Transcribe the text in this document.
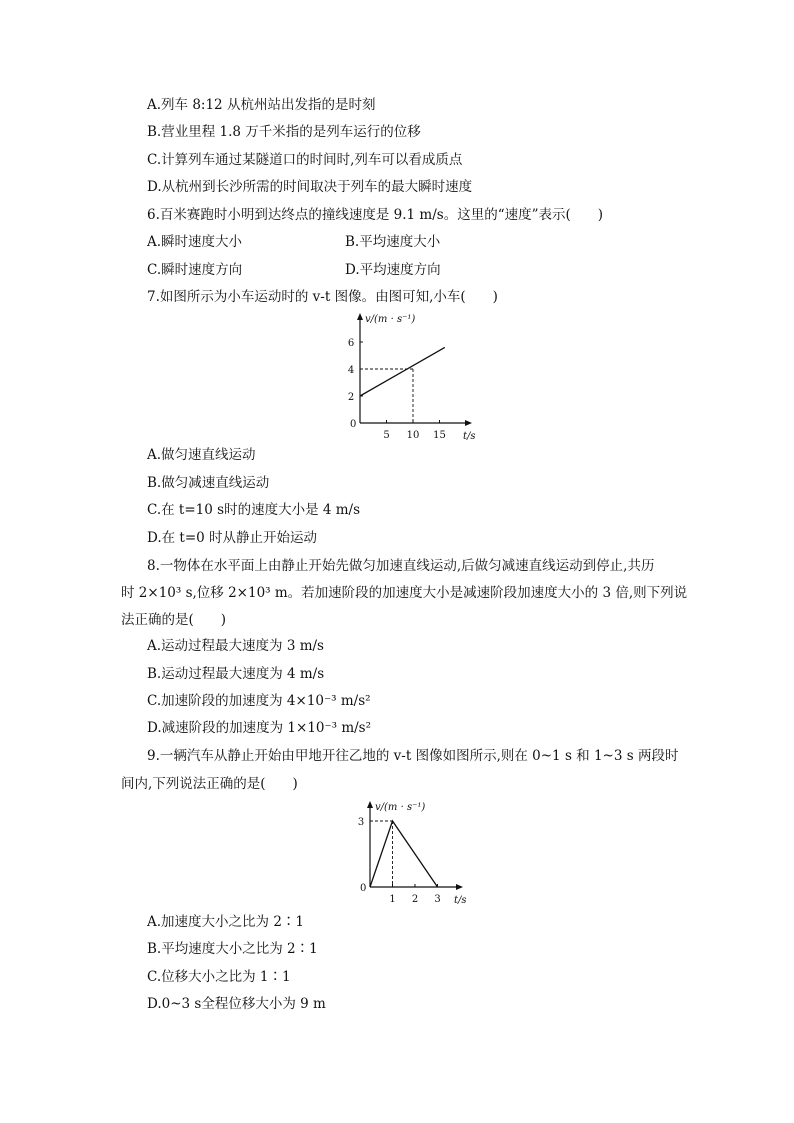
A.列车 8:12 从杭州站出发指的是时刻
B.营业里程 1.8 万千米指的是列车运行的位移
C.计算列车通过某隧道口的时间时,列车可以看成质点
D.从杭州到长沙所需的时间取决于列车的最大瞬时速度
6.百米赛跑时小明到达终点的撞线速度是 9.1 m/s。这里的“速度”表示(　　)
A.瞬时速度大小	B.平均速度大小
C.瞬时速度方向	D.平均速度方向
7.如图所示为小车运动时的 v-t 图像。由图可知,小车(　　)
v/(m · s⁻¹)
t/s
0
5 10 15
2
4
6
A.做匀速直线运动
B.做匀减速直线运动
C.在 t=10 s时的速度大小是 4 m/s
D.在 t=0 时从静止开始运动
8.一物体在水平面上由静止开始先做匀加速直线运动,后做匀减速直线运动到停止,共历
时 2×10³ s,位移 2×10³ m。若加速阶段的加速度大小是减速阶段加速度大小的 3 倍,则下列说
法正确的是(　　)
A.运动过程最大速度为 3 m/s
B.运动过程最大速度为 4 m/s
C.加速阶段的加速度为 4×10⁻³ m/s²
D.减速阶段的加速度为 1×10⁻³ m/s²
9.一辆汽车从静止开始由甲地开往乙地的 v-t 图像如图所示,则在 0~1 s 和 1~3 s 两段时
间内,下列说法正确的是(　　)
v/(m · s⁻¹)
t/s
0
1 2 3
3
A.加速度大小之比为 2∶1
B.平均速度大小之比为 2∶1
C.位移大小之比为 1∶1
D.0~3 s全程位移大小为 9 m
